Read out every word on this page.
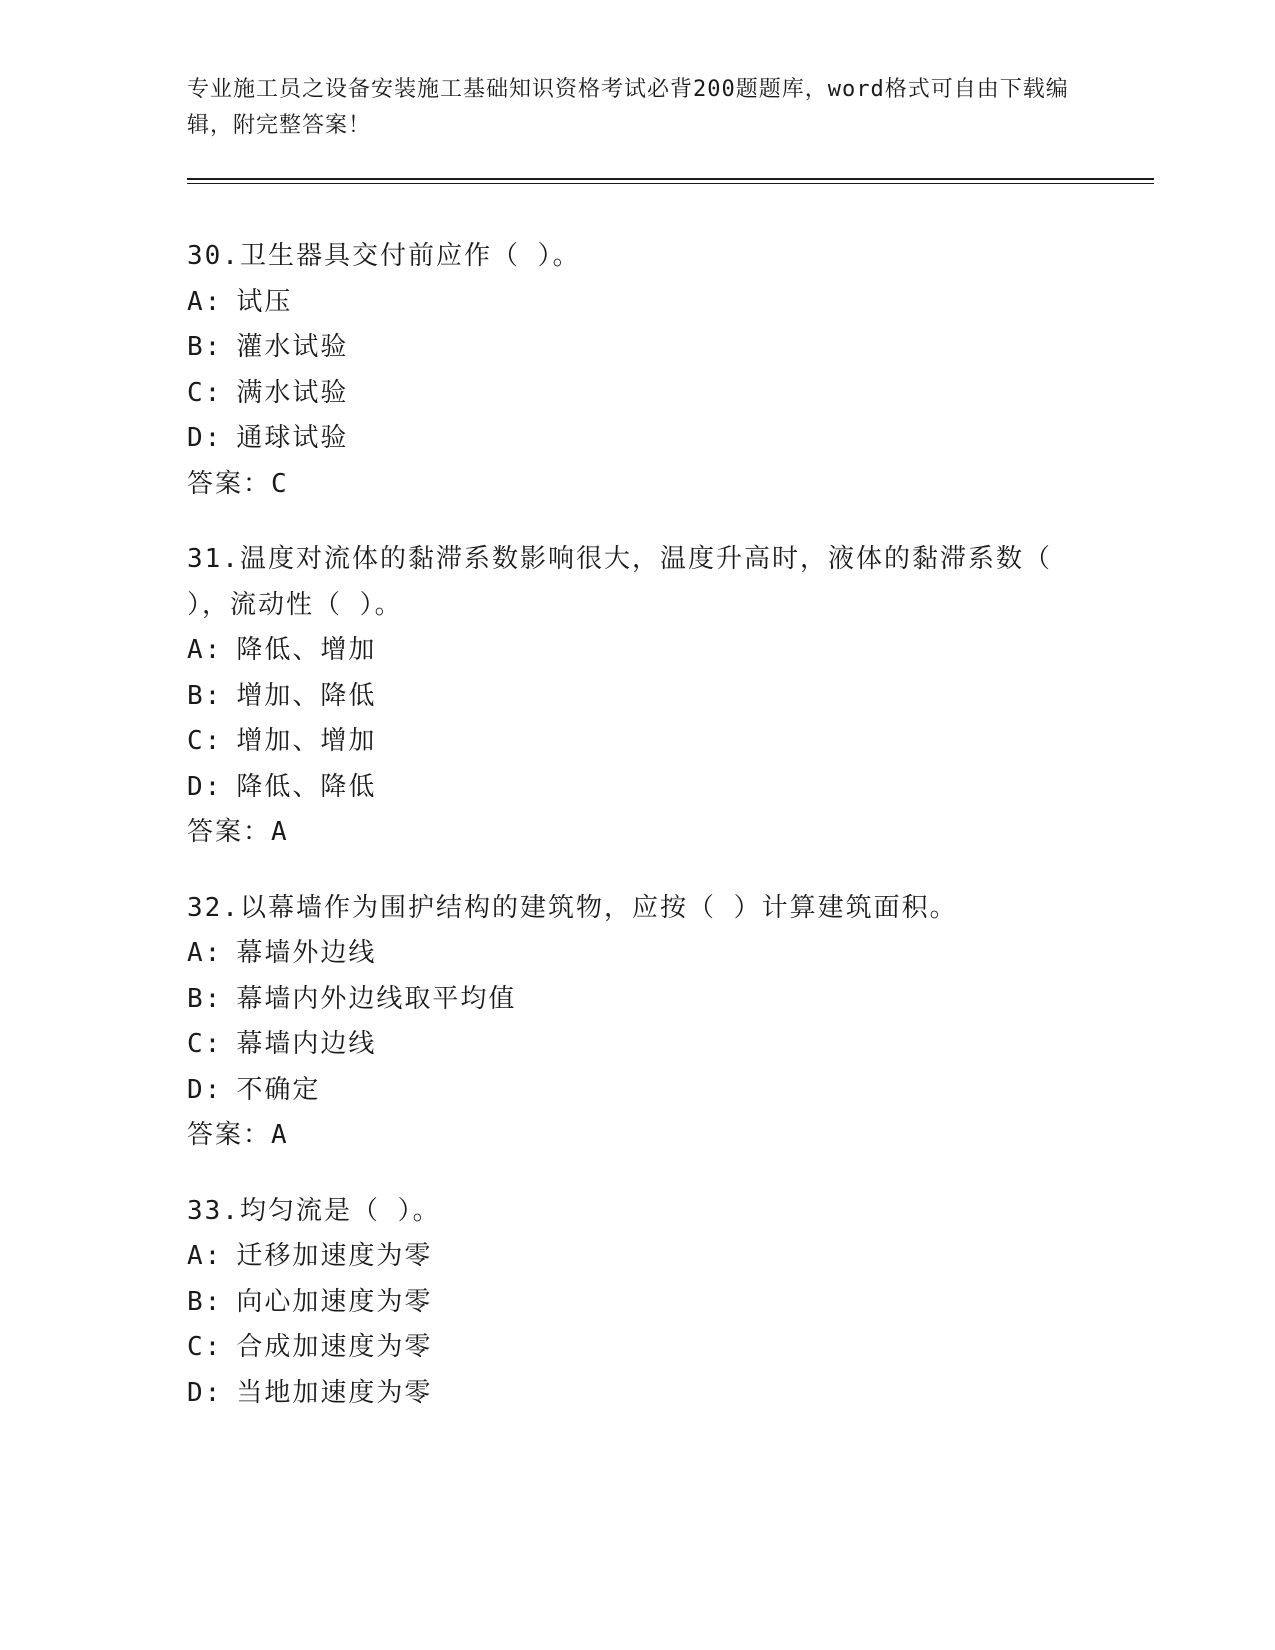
专业施工员之设备安装施工基础知识资格考试必背200题题库，word格式可自由下载编辑，附完整答案！

30.卫生器具交付前应作（ ）。

A: 试压
B: 灌水试验
C: 满水试验
D: 通球试验
答案：C

31.温度对流体的黏滞系数影响很大，温度升高时，液体的黏滞系数（ ），流动性（ ）。

A: 降低、增加
B: 增加、降低
C: 增加、增加
D: 降低、降低
答案：A

32.以幕墙作为围护结构的建筑物，应按（ ）计算建筑面积。

A: 幕墙外边线
B: 幕墙内外边线取平均值
C: 幕墙内边线
D: 不确定
答案：A

33.均匀流是（ ）。

A: 迁移加速度为零
B: 向心加速度为零
C: 合成加速度为零
D: 当地加速度为零
